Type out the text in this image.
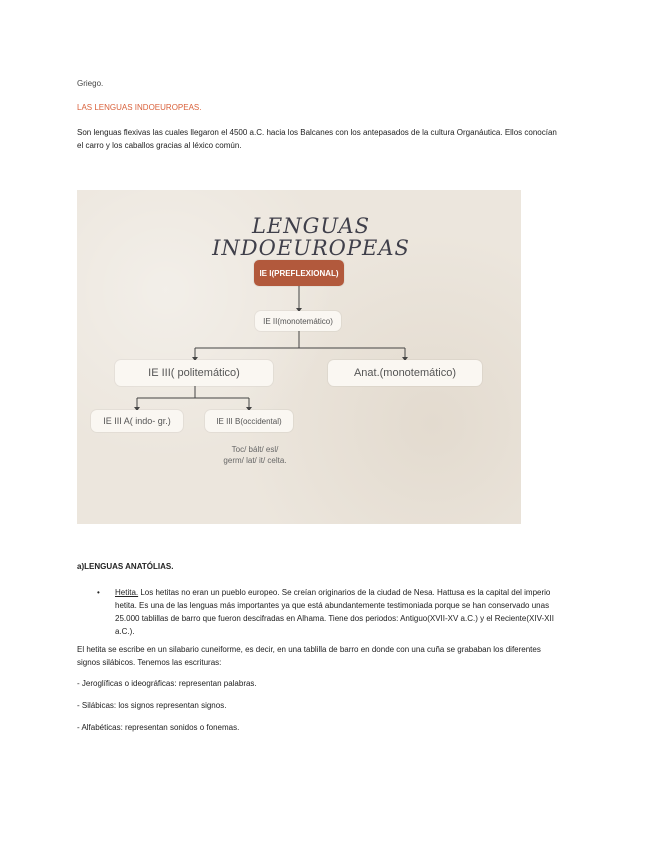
Griego.
LAS LENGUAS INDOEUROPEAS.
Son lenguas flexivas las cuales llegaron el 4500 a.C. hacia los Balcanes con los antepasados de la cultura Organáutica. Ellos conocían el carro y los caballos gracias al léxico común.
LENGUAS
INDOEUROPEAS
IE I(PREFLEXIONAL)
IE II(monotemático)
IE III( politemático)	Anat.(monotemático)
IE III A( indo- gr.)	IE III B(occidental)
Toc/ bált/ esl/
germ/ lat/ it/ celta.
a)LENGUAS ANATÓLIAS.
• Hetita. Los hetitas no eran un pueblo europeo. Se creían originarios de la ciudad de Nesa. Hattusa es la capital del imperio hetita. Es una de las lenguas más importantes ya que está abundantemente testimoniada porque se han conservado unas 25.000 tablillas de barro que fueron descifradas en Alhama. Tiene dos periodos: Antiguo(XVII-XV a.C.) y el Reciente(XIV-XII a.C.).
El hetita se escribe en un silabario cuneiforme, es decir, en una tablilla de barro en donde con una cuña se grababan los diferentes signos silábicos. Tenemos las escrituras:
- Jeroglíficas o ideográficas: representan palabras.
- Silábicas: los signos representan signos.
- Alfabéticas: representan sonidos o fonemas.
